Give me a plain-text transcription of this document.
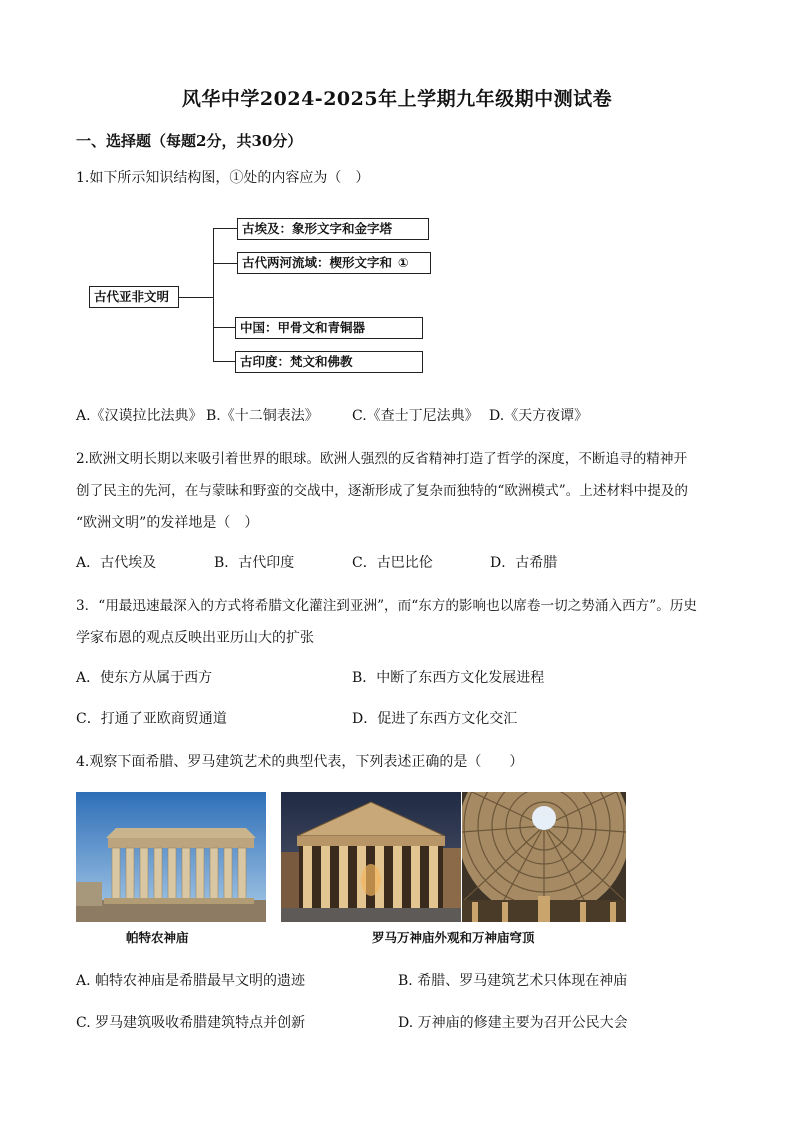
风华中学2024-2025年上学期九年级期中测试卷
一、选择题（每题2分，共30分）
1.如下所示知识结构图，①处的内容应为（　）
古代亚非文明
古埃及：象形文字和金字塔
古代两河流域：楔形文字和 ①
中国：甲骨文和青铜器
古印度：梵文和佛教
A.《汉谟拉比法典》 B.《十二铜表法》 C.《查士丁尼法典》 D.《天方夜谭》
2.欧洲文明长期以来吸引着世界的眼球。欧洲人强烈的反省精神打造了哲学的深度，不断追寻的精神开
创了民主的先河，在与蒙昧和野蛮的交战中，逐渐形成了复杂而独特的“欧洲模式”。上述材料中提及的
“欧洲文明”的发祥地是（　）
A．古代埃及	B．古代印度	C．古巴比伦	D．古希腊
3．“用最迅速最深入的方式将希腊文化灌注到亚洲”，而“东方的影响也以席卷一切之势涌入西方”。历史
学家布恩的观点反映出亚历山大的扩张
A．使东方从属于西方	B．中断了东西方文化发展进程
C．打通了亚欧商贸通道	D．促进了东西方文化交汇
4.观察下面希腊、罗马建筑艺术的典型代表，下列表述正确的是（　　）
帕特农神庙	罗马万神庙外观和万神庙穹顶
A. 帕特农神庙是希腊最早文明的遗迹	B. 希腊、罗马建筑艺术只体现在神庙
C. 罗马建筑吸收希腊建筑特点并创新	D. 万神庙的修建主要为召开公民大会
